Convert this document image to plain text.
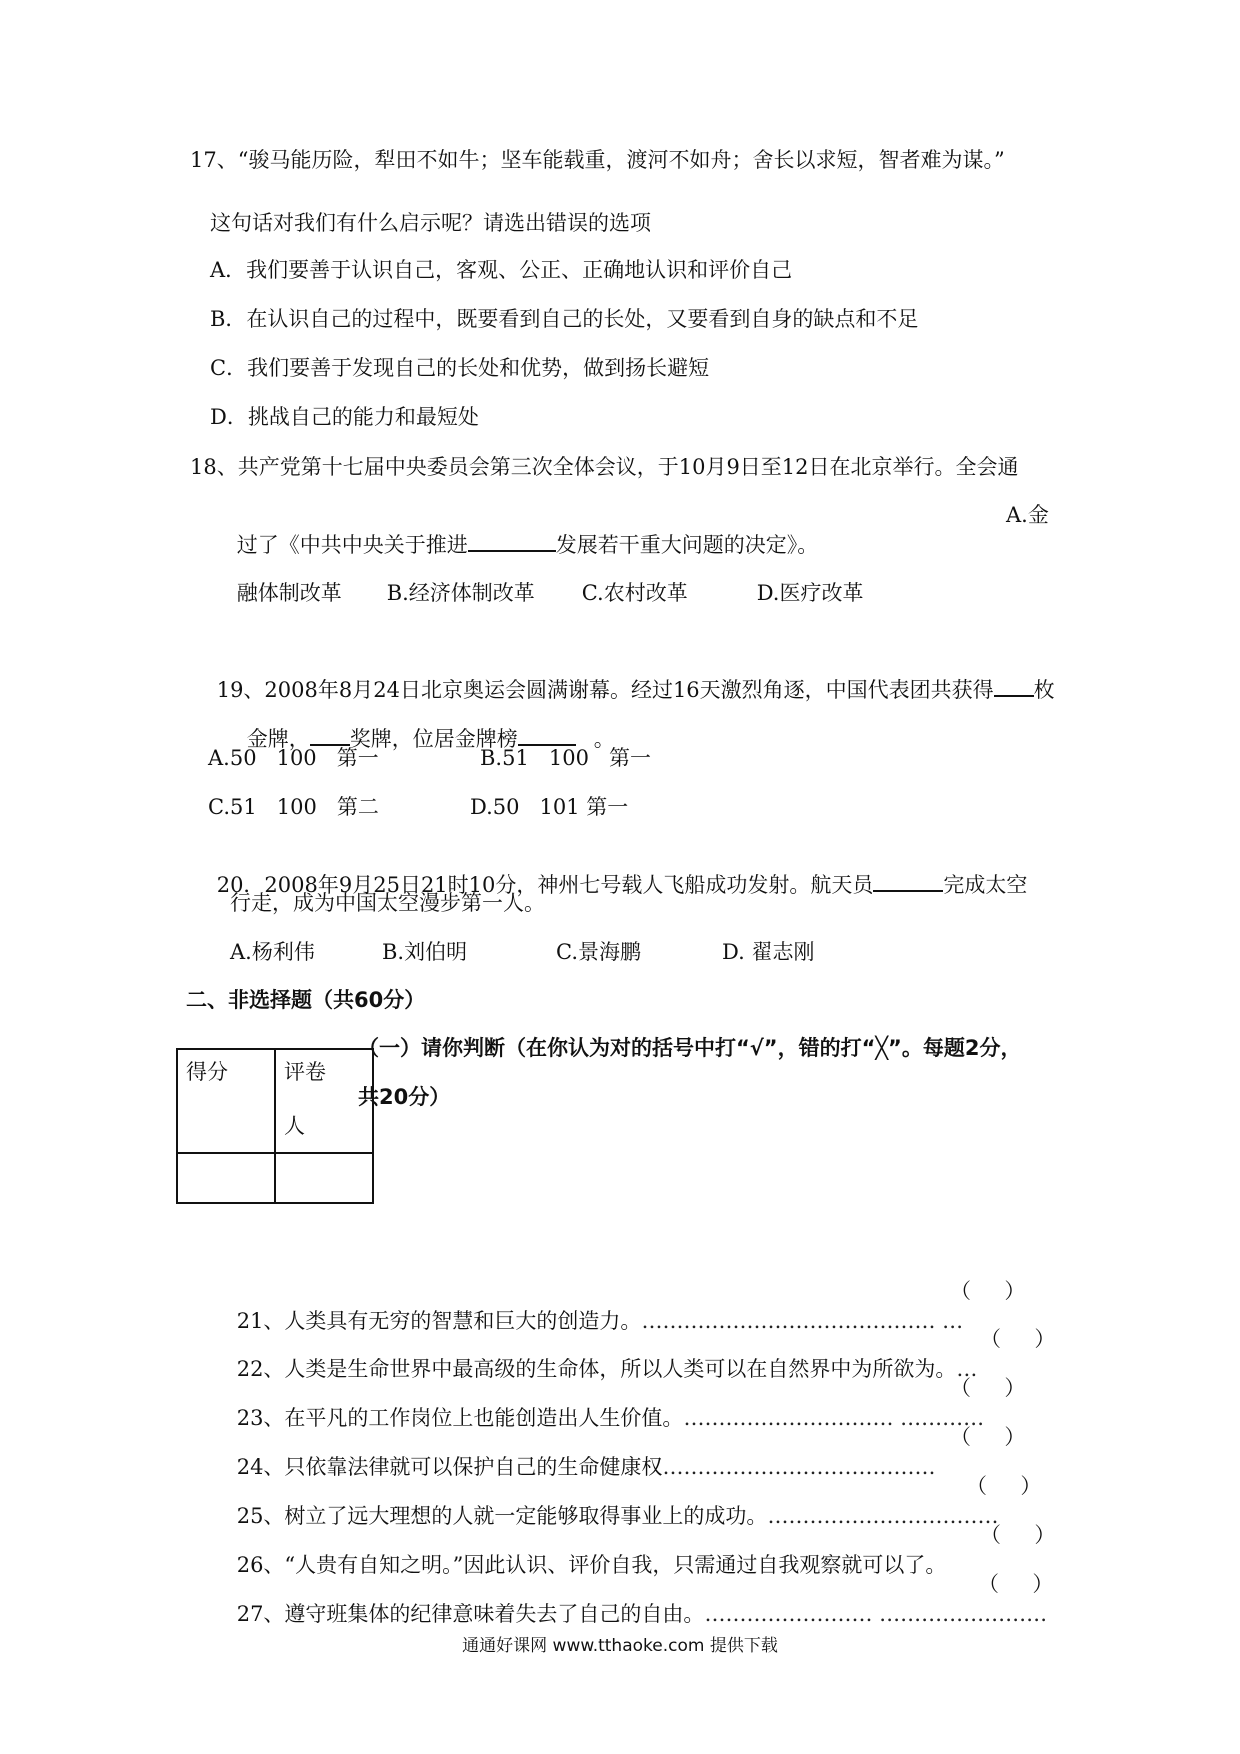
17、“骏马能历险，犁田不如牛；坚车能载重，渡河不如舟；舍长以求短，智者难为谋。”
这句话对我们有什么启示呢？请选出错误的选项
A．我们要善于认识自己，客观、公正、正确地认识和评价自己
B．在认识自己的过程中，既要看到自己的长处，又要看到自身的缺点和不足
C．我们要善于发现自己的长处和优势，做到扬长避短
D．挑战自己的能力和最短处
18、共产党第十七届中央委员会第三次全体会议，于10月9日至12日在北京举行。全会通

过了《中共中央关于推进	发展若干重大问题的决定》。

A.金

融体制改革 B.经济体制改革 C.农村改革	D.医疗改革

19、2008年8月24日北京奥运会圆满谢幕。经过16天激烈角逐，中国代表团共获得 枚

金牌， 奖牌，位居金牌榜	。

A.50   100   第一	B.51   100   第一
C.51   100   第二	D.50   101 第一

20．2008年9月25日21时10分，神州七号载人飞船成功发射。航天员	完成太空

行走，成为中国太空漫步第一人。
A.杨利伟	B.刘伯明	C.景海鹏	D. 翟志刚
二、非选择题（共60分）
得分	评卷

人

（一）请你判断（在你认为对的括号中打“√”，错的打“╳”。每题2分，
共20分）

21、人类具有无穷的智慧和巨大的创造力。…………………………………… …

（     ）

22、人类是生命世界中最高级的生命体，所以人类可以在自然界中为所欲为。…

（     ）

23、在平凡的工作岗位上也能创造出人生价值。………………………… …………

（     ）

24、只依靠法律就可以保护自己的生命健康权…………………………………

（     ）

25、树立了远大理想的人就一定能够取得事业上的成功。……………………………

（     ）

26、“人贵有自知之明。”因此认识、评价自我，只需通过自我观察就可以了。

（     ）

27、遵守班集体的纪律意味着失去了自己的自由。…………………… ……………………

（     ）
通通好课网 www.tthaoke.com 提供下载
